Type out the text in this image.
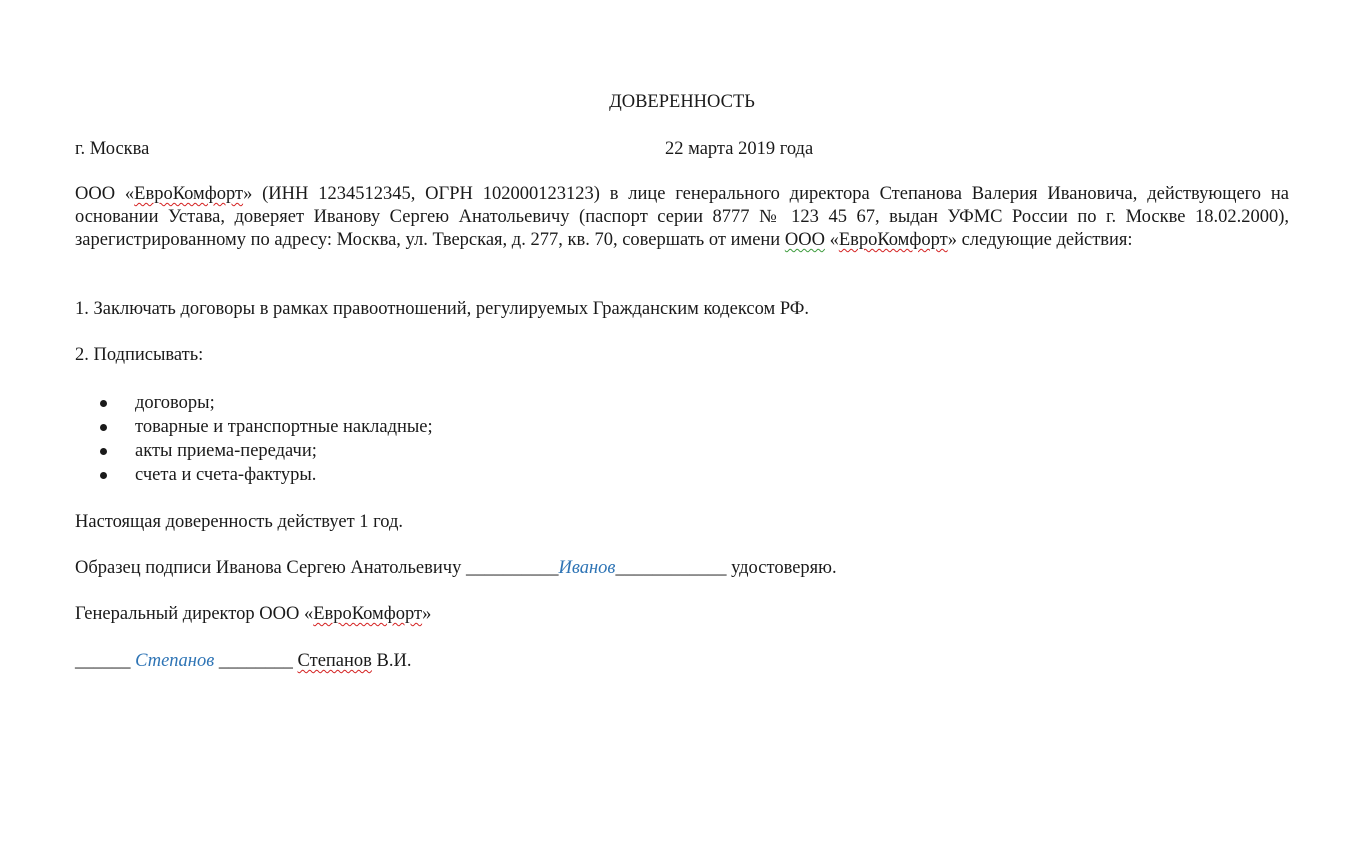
ДОВЕРЕННОСТЬ
г. Москва	22 марта 2019 года
ООО «ЕвроКомфорт» (ИНН 1234512345, ОГРН 102000123123) в лице генерального директора Степанова Валерия Ивановича, действующего на основании Устава, доверяет Иванову Сергею Анатольевичу (паспорт серии 8777 № 123 45 67, выдан УФМС России по г. Москве 18.02.2000), зарегистрированному по адресу: Москва, ул. Тверская, д. 277, кв. 70, совершать от имени ООО «ЕвроКомфорт» следующие действия:
1. Заключать договоры в рамках правоотношений, регулируемых Гражданским кодексом РФ.
2. Подписывать:
договоры;
товарные и транспортные накладные;
акты приема-передачи;
счета и счета-фактуры.
Настоящая доверенность действует 1 год.
Образец подписи Иванова Сергею Анатольевичу __________Иванов____________ удостоверяю.
Генеральный директор ООО «ЕвроКомфорт»
______ Степанов ________ Степанов В.И.
